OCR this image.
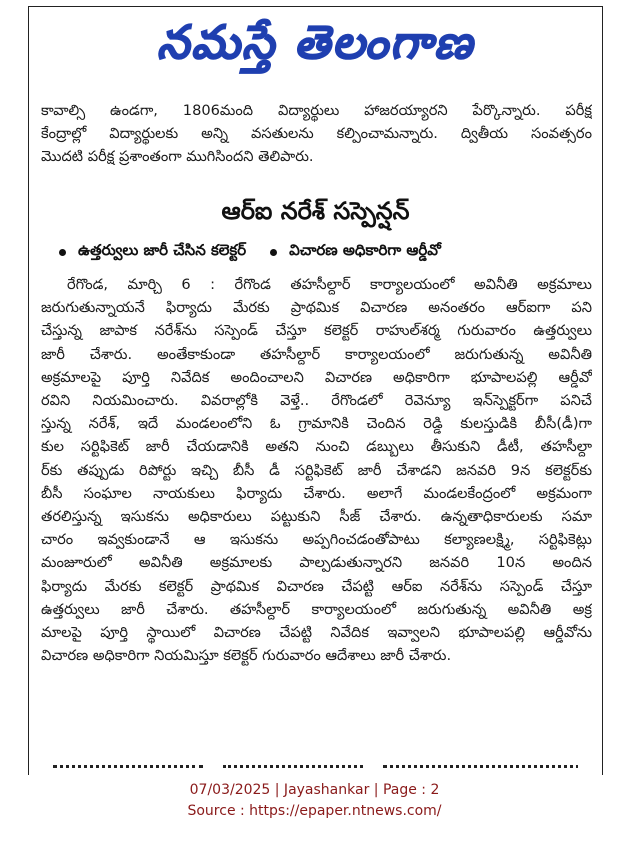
నమస్తే తెలంగాణ
కావాల్సి ఉండగా, 1806మంది విద్యార్థులు హాజరయ్యారని పేర్కొన్నారు. పరీక్ష
కేంద్రాల్లో విద్యార్థులకు అన్ని వసతులను కల్పించామన్నారు. ద్వితీయ సంవత్సరం
మొదటి పరీక్ష ప్రశాంతంగా ముగిసిందని తెలిపారు.
ఆర్ఐ నరేశ్ సస్పెన్షన్
ఉత్తర్వులు జారీ చేసిన కలెక్టర్	విచారణ అధికారిగా ఆర్డీవో
రేగొండ, మార్చి 6 : రేగొండ తహసీల్దార్ కార్యాలయంలో అవినీతి అక్రమాలు
జరుగుతున్నాయనే ఫిర్యాదు మేరకు ప్రాథమిక విచారణ అనంతరం ఆర్ఐగా పని
చేస్తున్న జాపాక నరేశ్‌ను సస్పెండ్ చేస్తూ కలెక్టర్ రాహుల్‌శర్మ గురువారం ఉత్తర్వులు
జారీ చేశారు. అంతేకాకుండా తహసీల్దార్ కార్యాలయంలో జరుగుతున్న అవినీతి
అక్రమాలపై పూర్తి నివేదిక అందించాలని విచారణ అధికారిగా భూపాలపల్లి ఆర్డీవో
రవిని నియమించారు. వివరాల్లోకి వెళ్తే.. రేగొండలో రెవెన్యూ ఇన్‌స్పెక్టర్‌గా పనిచే
స్తున్న నరేశ్, ఇదే మండలంలోని ఓ గ్రామానికి చెందిన రెడ్డి కులస్తుడికి బీసీ(డీ)గా
కుల సర్టిఫికెట్ జారీ చేయడానికి అతని నుంచి డబ్బులు తీసుకుని డీటీ, తహసీల్దా
ర్‌కు తప్పుడు రిపోర్టు ఇచ్చి బీసీ డీ సర్టిఫికెట్ జారీ చేశాడని జనవరి 9న కలెక్టర్‌కు
బీసీ సంఘాల నాయకులు ఫిర్యాదు చేశారు. అలాగే మండలకేంద్రంలో అక్రమంగా
తరలిస్తున్న ఇసుకను అధికారులు పట్టుకుని సీజ్ చేశారు. ఉన్నతాధికారులకు సమా
చారం ఇవ్వకుండానే ఆ ఇసుకను అప్పగించడంతోపాటు కల్యాణలక్ష్మి, సర్టిఫికెట్లు
మంజూరులో అవినీతి అక్రమాలకు పాల్పడుతున్నారని జనవరి 10న అందిన
ఫిర్యాదు మేరకు కలెక్టర్ ప్రాథమిక విచారణ చేపట్టి ఆర్ఐ నరేశ్‌ను సస్పెండ్ చేస్తూ
ఉత్తర్వులు జారీ చేశారు. తహసీల్దార్ కార్యాలయంలో జరుగుతున్న అవినీతి అక్ర
మాలపై పూర్తి స్థాయిలో విచారణ చేపట్టి నివేదిక ఇవ్వాలని భూపాలపల్లి ఆర్డీవోను
విచారణ అధికారిగా నియమిస్తూ కలెక్టర్ గురువారం ఆదేశాలు జారీ చేశారు.
07/03/2025 | Jayashankar | Page : 2
Source : https://epaper.ntnews.com/
